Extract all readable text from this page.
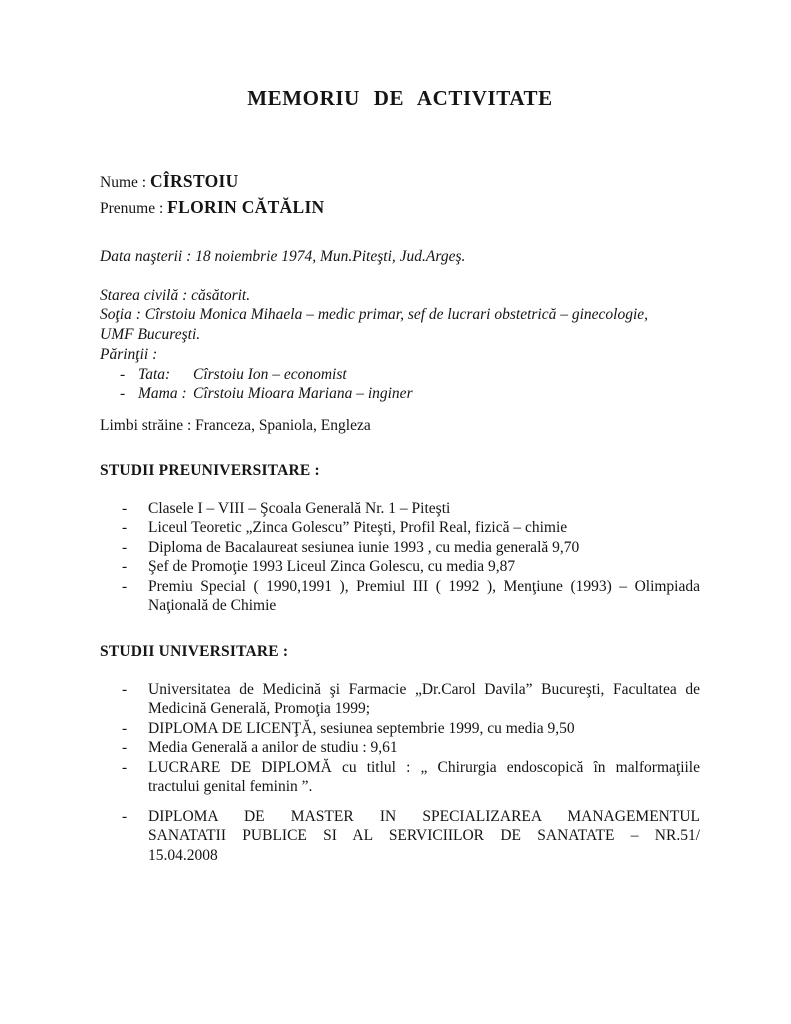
MEMORIU DE ACTIVITATE
Nume : CÎRSTOIU
Prenume : FLORIN CĂTĂLIN
Data naşterii : 18 noiembrie 1974, Mun.Piteşti, Jud.Argeş.
Starea civilă : căsătorit.
Soţia : Cîrstoiu Monica Mihaela – medic primar, sef de lucrari obstetrică – ginecologie,
UMF Bucureşti.
Părinţii :
- Tata:	Cîrstoiu Ion – economist
- Mama : Cîrstoiu Mioara Mariana – inginer
Limbi străine : Franceza, Spaniola, Engleza
STUDII PREUNIVERSITARE :
-	Clasele I – VIII – Şcoala Generală Nr. 1 – Piteşti
-	Liceul Teoretic „Zinca Golescu” Piteşti, Profil Real, fizică – chimie
-	Diploma de Bacalaureat sesiunea iunie 1993 , cu media generală 9,70
-	Şef de Promoţie 1993 Liceul Zinca Golescu, cu media 9,87
-	Premiu Special ( 1990,1991 ), Premiul III ( 1992 ), Menţiune (1993) – Olimpiada
Naţională de Chimie
STUDII UNIVERSITARE :
-	Universitatea de Medicină şi Farmacie „Dr.Carol Davila” Bucureşti, Facultatea de
Medicină Generală, Promoţia 1999;
-	DIPLOMA DE LICENŢĂ, sesiunea septembrie 1999, cu media 9,50
-	Media Generală a anilor de studiu : 9,61
-	LUCRARE DE DIPLOMĂ cu titlul : „ Chirurgia endoscopică în malformaţiile
tractului genital feminin ”.
-	DIPLOMA DE MASTER IN SPECIALIZAREA MANAGEMENTUL
SANATATII PUBLICE SI AL SERVICIILOR DE SANATATE – NR.51/
15.04.2008
